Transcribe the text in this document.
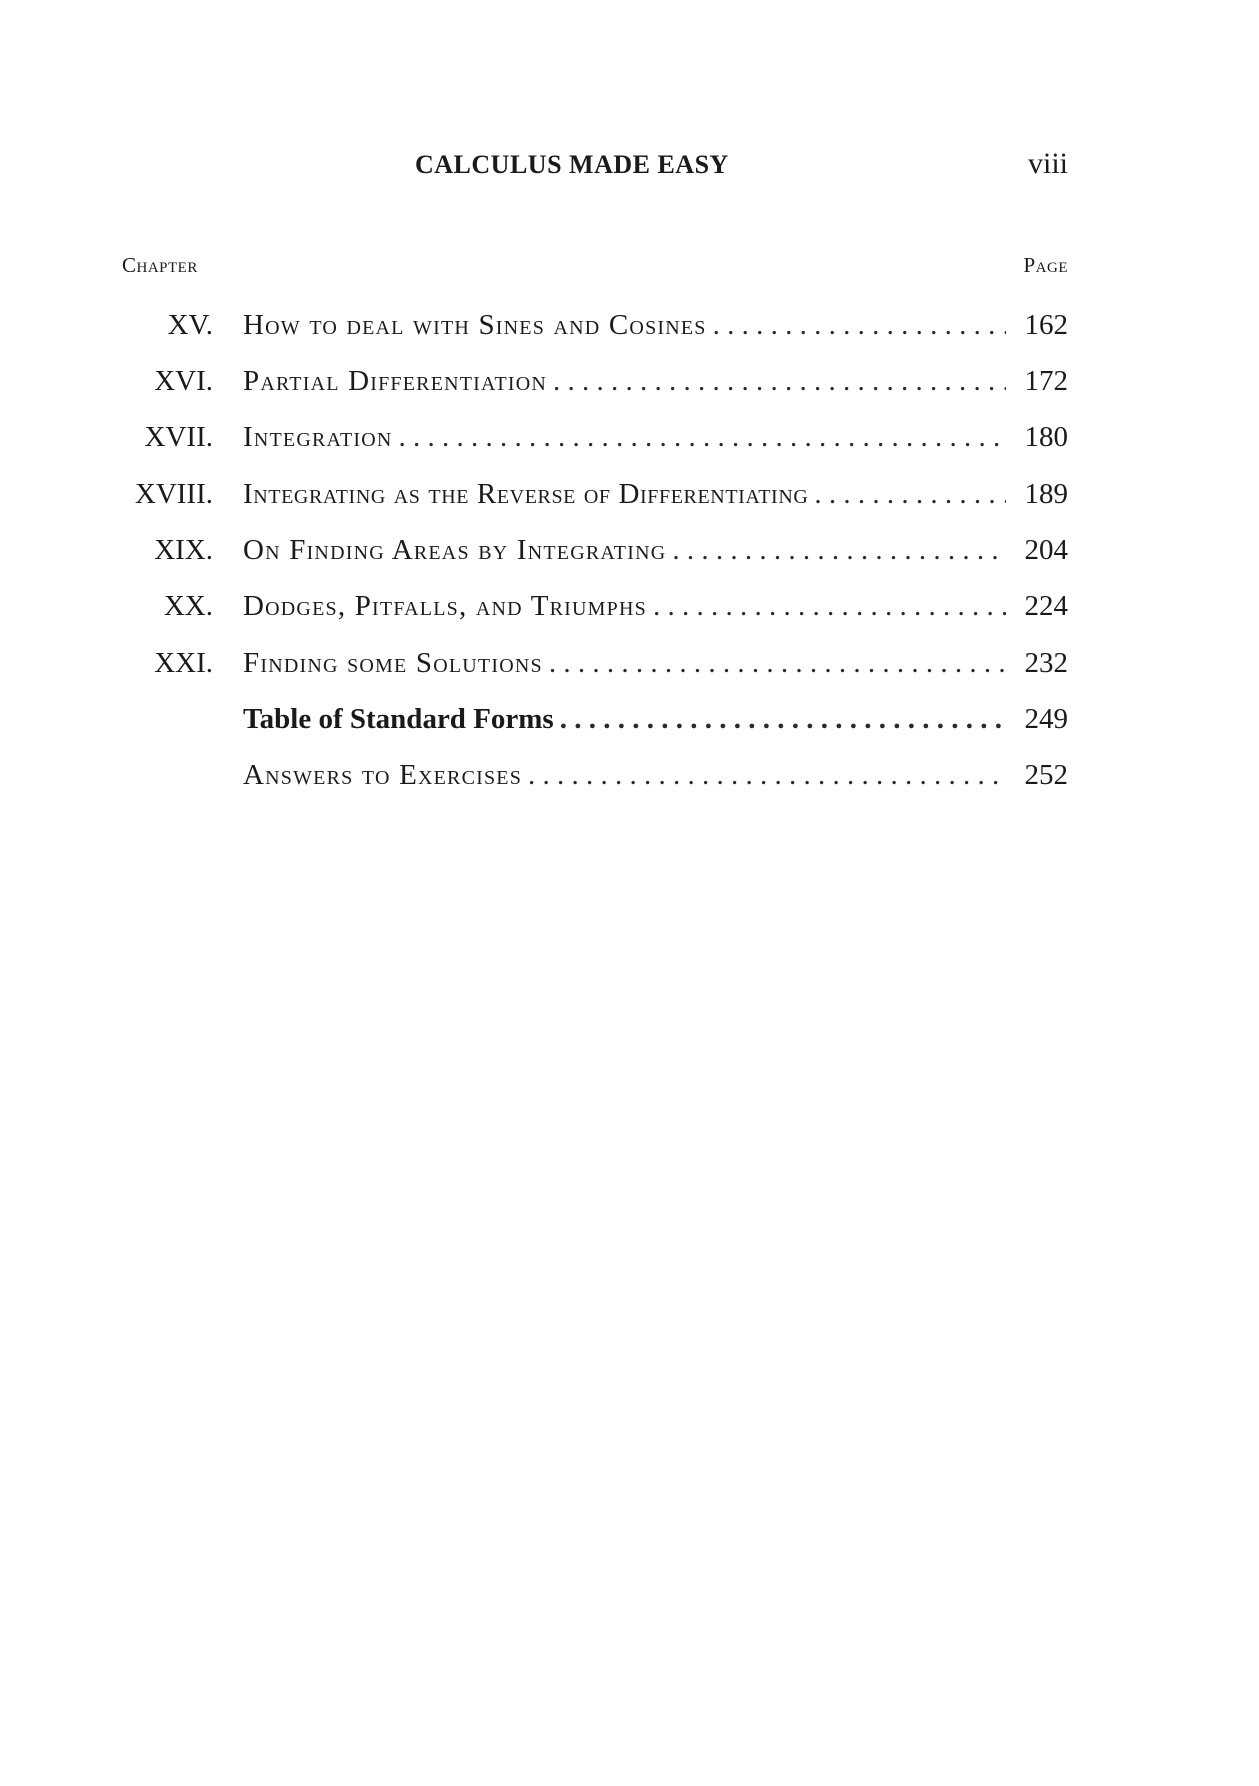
CALCULUS MADE EASY	viii
Chapter	Page
XV. How to deal with Sines and Cosines . . .	162
XVI. Partial Differentiation . . .	172
XVII. Integration . . .	180
XVIII. Integrating as the Reverse of Differentiating . . .	189
XIX. On Finding Areas by Integrating . . .	204
XX. Dodges, Pitfalls, and Triumphs . . .	224
XXI. Finding some Solutions . . .	232
Table of Standard Forms . . .	249
Answers to Exercises . . .	252
